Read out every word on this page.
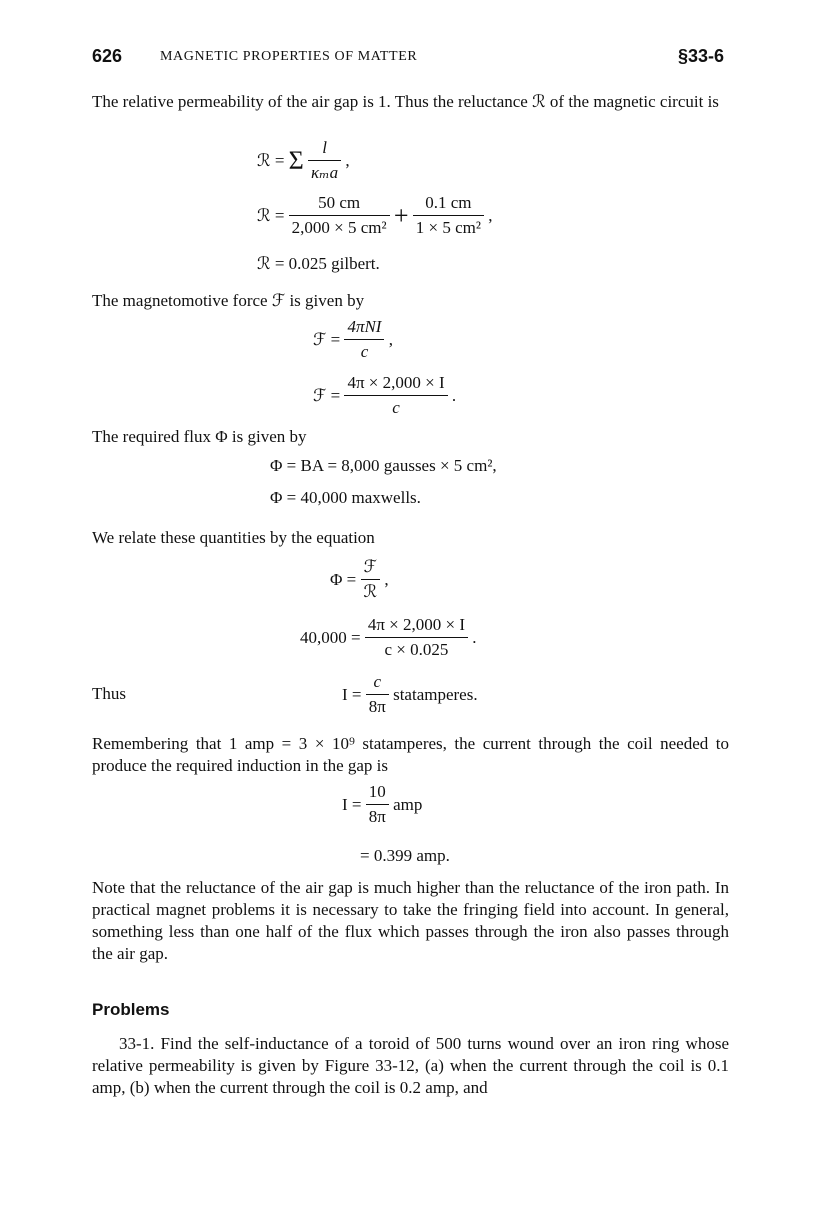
626	MAGNETIC PROPERTIES OF MATTER	§33-6
The relative permeability of the air gap is 1. Thus the reluctance ℛ of the magnetic circuit is
ℛ = Σ $\frac{l}{\text{κₘa}}$ ,
ℛ = $\frac{50 cm}{\text{2,000 × 5 cm²}} + \frac{0.1 cm}{\text{1 × 5 cm²}}$ ,
ℛ = 0.025 gilbert.
The magnetomotive force ℱ is given by
ℱ = $\frac{\text{4πNI}}{c}$ ,
ℱ = $\frac{4\pi \times 2,000 \times I}{c}$ .
The required flux Φ is given by
Φ = BA = 8,000 gausses × 5 cm²,
Φ = 40,000 maxwells.
We relate these quantities by the equation
$\Phi = \frac{\text{ℱ}}{\text{ℛ}}$ ,
$40,000 = \frac{4\pi \times 2,000 \times I}{c \times 0.025}$ .
Thus	$I = \frac{c}{8\pi}$ statamperes.
Remembering that 1 amp = 3 × 10⁹ statamperes, the current through the coil needed to produce the required induction in the gap is
$I = \frac{10}{8\pi}$ amp
= 0.399 amp.
Note that the reluctance of the air gap is much higher than the reluctance of the iron path. In practical magnet problems it is necessary to take the fringing field into account. In general, something less than one half of the flux which passes through the iron also passes through the air gap.
Problems
33-1. Find the self-inductance of a toroid of 500 turns wound over an iron ring whose relative permeability is given by Figure 33-12, (a) when the current through the coil is 0.1 amp, (b) when the current through the coil is 0.2 amp, and
